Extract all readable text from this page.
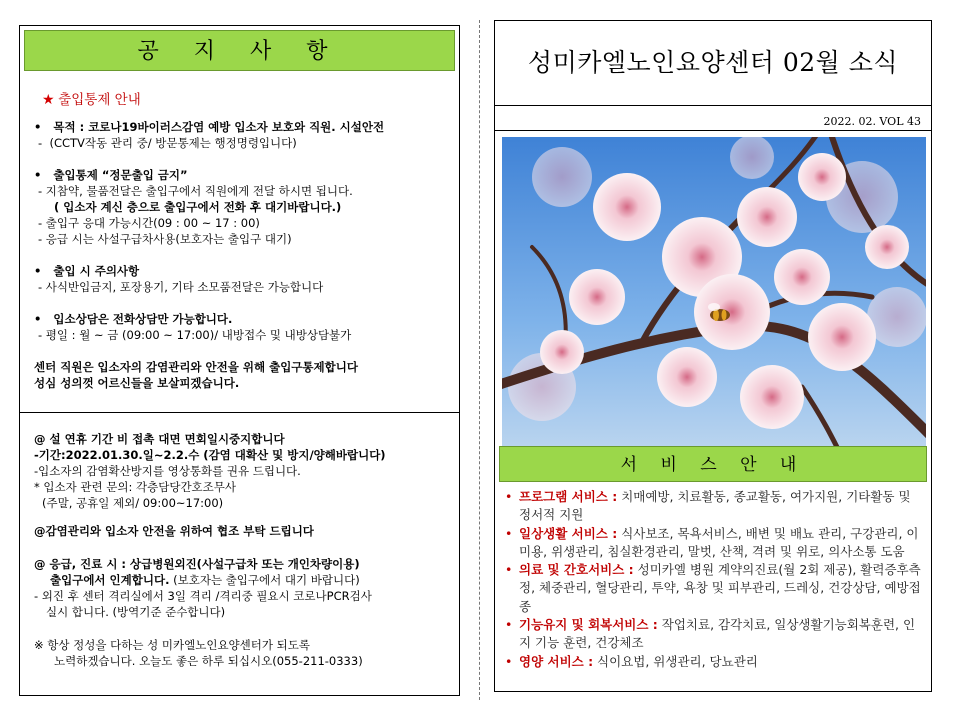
공 지 사 항
★ 출입통제 안내
•   목적 : 코로나19바이러스감염 예방 입소자 보호와 직원. 시설안전
-  (CCTV작동 관리 중/ 방문통제는 행정명령입니다)
•   출입통제 “정문출입 금지”
- 지참약, 물품전달은 출입구에서 직원에게 전달 하시면 됩니다.
( 입소자 계신 층으로 출입구에서 전화 후 대기바랍니다.)
- 출입구 응대 가능시간(09 : 00 ~ 17 : 00)
- 응급 시는 사설구급차사용(보호자는 출입구 대기)
•   출입 시 주의사항
- 사식반입금지, 포장용기, 기타 소모품전달은 가능합니다
•   입소상담은 전화상담만 가능합니다.
- 평일 : 월 ~ 금 (09:00 ~ 17:00)/ 내방접수 및 내방상담불가
센터 직원은 입소자의 감염관리와 안전을 위해 출입구통제합니다
성심 성의껏 어르신들을 보살피겠습니다.
@ 설 연휴 기간 비 접촉 대면 면회일시중지합니다
-기간:2022.01.30.일~2.2.수 (감염 대확산 및 방지/양해바랍니다)
-입소자의 감염확산방지를 영상통화를 권유 드립니다.
* 입소자 관련 문의: 각층담당간호조무사
(주말, 공휴일 제외/ 09:00~17:00)
@감염관리와 입소자 안전을 위하여 협조 부탁 드립니다
@ 응급, 진료 시 : 상급병원외진(사설구급차 또는 개인차량이용)
출입구에서 인계합니다. (보호자는 출입구에서 대기 바랍니다)
- 외진 후 센터 격리실에서 3일 격리 /격리중 필요시 코로나PCR검사
실시 합니다. (방역기준 준수합니다)
※ 항상 정성을 다하는 성 미카엘노인요양센터가 되도록
노력하겠습니다. 오늘도 좋은 하루 되십시오(055-211-0333)
성미카엘노인요양센터 02월 소식
2022. 02. VOL 43
서 비 스 안 내
• 프로그램 서비스 : 치매예방, 치료활동, 종교활동, 여가지원, 기타활동 및 정서적 지원
• 일상생활 서비스 : 식사보조, 목욕서비스, 배변 및 배뇨 관리, 구강관리, 이미용, 위생관리, 침실환경관리, 말벗, 산책, 격려 및 위로, 의사소통 도움
• 의료 및 간호서비스 : 성미카엘 병원 계약의진료(월 2회 제공), 활력증후측정, 체중관리, 혈당관리, 투약, 욕창 및 피부관리, 드레싱, 건강상담, 예방접종
• 기능유지 및 회복서비스 : 작업치료, 감각치료, 일상생활기능회복훈련, 인지 기능 훈련, 건강체조
• 영양 서비스 : 식이요법, 위생관리, 당뇨관리
